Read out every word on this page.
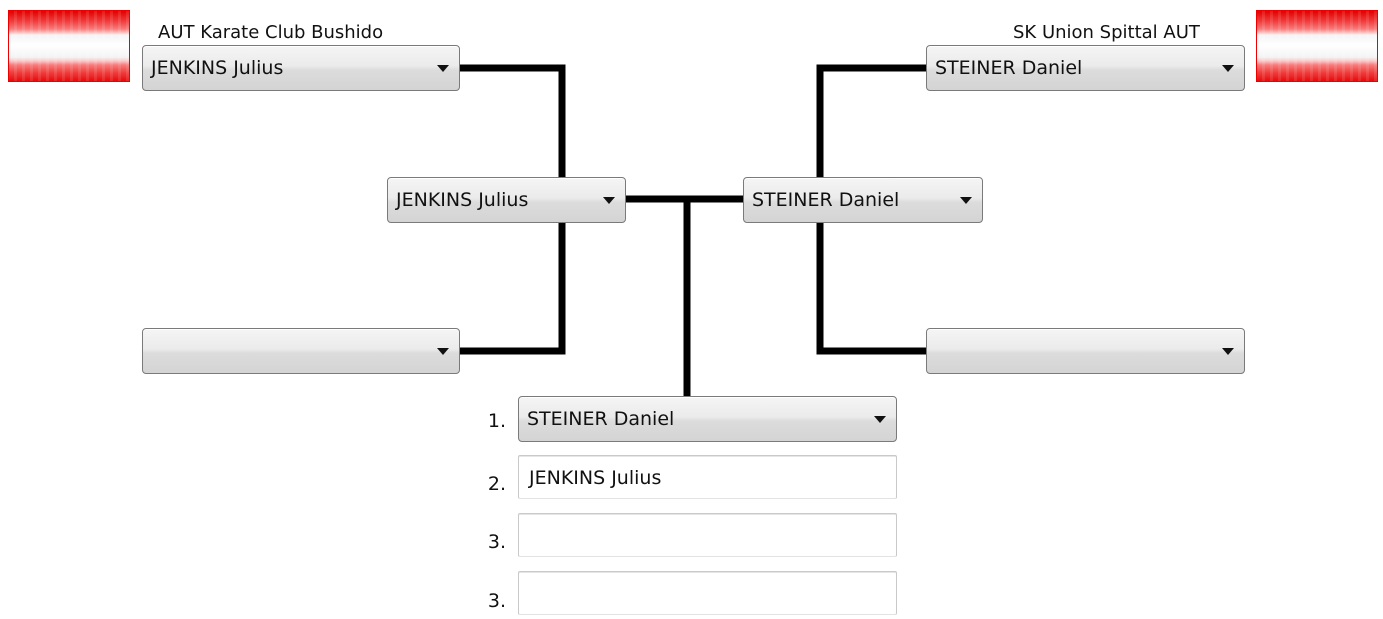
AUT Karate Club Bushido	SK Union Spittal AUT
JENKINS Julius	STEINER Daniel
JENKINS Julius	STEINER Daniel
1. STEINER Daniel
2. JENKINS Julius
3.
3.
